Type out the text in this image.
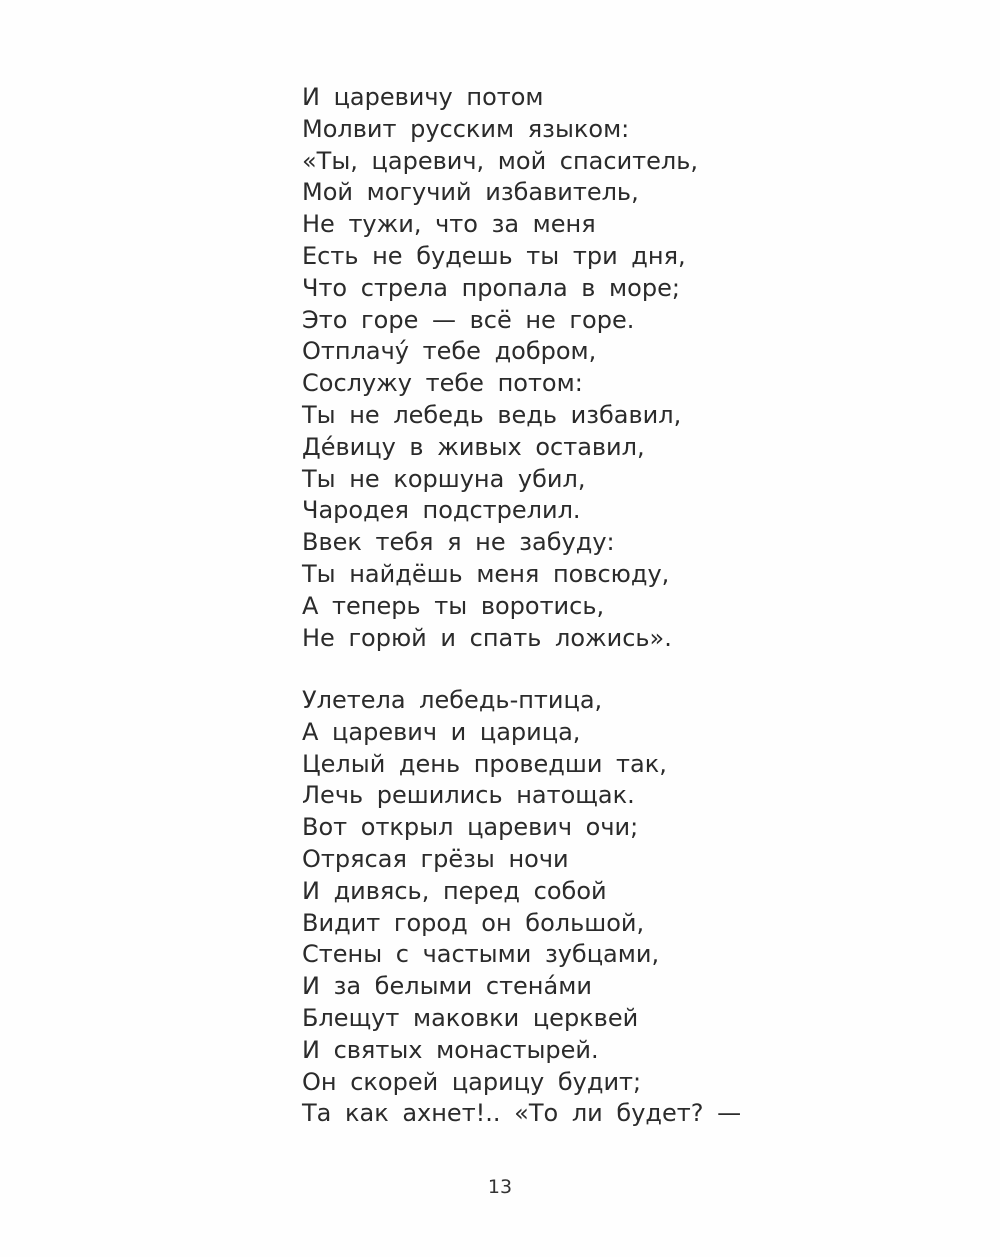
И царевичу потом
Молвит русским языком:
«Ты, царевич, мой спаситель,
Мой могучий избавитель,
Не тужи, что за меня
Есть не будешь ты три дня,
Что стрела пропала в море;
Это горе — всё не горе.
Отплачу́ тебе добром,
Сослужу тебе потом:
Ты не лебедь ведь избавил,
Де́вицу в живых оставил,
Ты не коршуна убил,
Чародея подстрелил.
Ввек тебя я не забуду:
Ты найдёшь меня повсюду,
А теперь ты воротись,
Не горюй и спать ложись».
Улетела лебедь-птица,
А царевич и царица,
Целый день проведши так,
Лечь решились натощак.
Вот открыл царевич очи;
Отрясая грёзы ночи
И дивясь, перед собой
Видит город он большой,
Стены с частыми зубцами,
И за белыми стена́ми
Блещут маковки церквей
И святых монастырей.
Он скорей царицу будит;
Та как ахнет!.. «То ли будет? —
13
